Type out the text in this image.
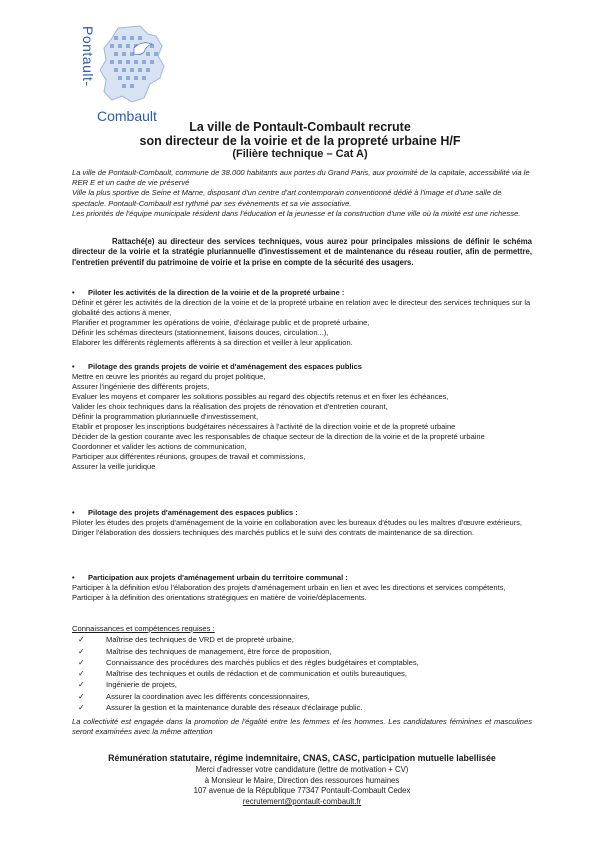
Pontault-
Combault
La ville de Pontault-Combault recrute
son directeur de la voirie et de la propreté urbaine H/F
(Filière technique – Cat A)

La ville de Pontault-Combault, commune de 38.000 habitants aux portes du Grand Paris, aux proximité de la capitale, accessibilité via le RER E et un cadre de vie préservé

Ville la plus sportive de Seine et Marne, disposant d'un centre d'art contemporain conventionné dédié à l'image et d'une salle de spectacle. Pontault-Combault est rythmé par ses évènements et sa vie associative.

Les priorités de l'équipe municipale résident dans l'éducation et la jeunesse et la construction d'une ville où la mixité est une richesse.

Rattaché(e) au directeur des services techniques, vous aurez pour principales missions de définir le schéma directeur de la voirie et la stratégie pluriannuelle d'investissement et de maintenance du réseau routier, afin de permettre, l'entretien préventif du patrimoine de voirie et la prise en compte de la sécurité des usagers.
• Piloter les activités de la direction de la voirie et de la propreté urbaine :

Définir et gérer les activités de la direction de la voirie et de la propreté urbaine en relation avec le directeur des services techniques sur la globalité des actions à mener,

Planifier et programmer les opérations de voirie, d'éclairage public et de propreté urbaine,

Définir les schémas directeurs (stationnement, liaisons douces, circulation...),

Elaborer les différents règlements afférents à sa direction et veiller à leur application.

• Pilotage des grands projets de voirie et d'aménagement des espaces publics

Mettre en œuvre les priorités au regard du projet politique,

Assurer l'ingénierie des différents projets,

Evaluer les moyens et comparer les solutions possibles au regard des objectifs retenus et en fixer les échéances,

Valider les choix techniques dans la réalisation des projets de rénovation et d'entretien courant,

Définir la programmation pluriannuelle d'investissement,

Etablir et proposer les inscriptions budgétaires nécessaires à l'activité de la direction voirie et de la propreté urbaine

Décider de la gestion courante avec les responsables de chaque secteur de la direction de la voirie et de la propreté urbaine

Coordonner et valider les actions de communication,

Participer aux différentes réunions, groupes de travail et commissions,

Assurer la veille juridique

• Pilotage des projets d'aménagement des espaces publics :

Piloter les études des projets d'aménagement de la voirie en collaboration avec les bureaux d'études ou les maîtres d'œuvre extérieurs,

Diriger l'élaboration des dossiers techniques des marchés publics et le suivi des contrats de maintenance de sa direction.

• Participation aux projets d'aménagement urbain du territoire communal :

Participer à la définition et/ou l'élaboration des projets d'aménagement urbain en lien et avec les directions et services compétents,

Participer à la définition des orientations stratégiques en matière de voirie/déplacements.

Connaissances et compétences requises :
✓	Maîtrise des techniques de VRD et de propreté urbaine,
✓	Maîtrise des techniques de management, être force de proposition,
✓	Connaissance des procédures des marchés publics et des règles budgétaires et comptables,
✓	Maîtrise des techniques et outils de rédaction et de communication et outils bureautiques,
✓	Ingénierie de projets,
✓	Assurer la coordination avec les différents concessionnaires,
✓	Assurer la gestion et la maintenance durable des réseaux d'éclairage public.
La collectivité est engagée dans la promotion de l'égalité entre les femmes et les hommes. Les candidatures féminines et masculines seront examinées avec la même attention
Rémunération statutaire, régime indemnitaire, CNAS, CASC, participation mutuelle labellisée
Merci d'adresser votre candidature (lettre de motivation + CV)
à Monsieur le Maire, Direction des ressources humaines
107 avenue de la République 77347 Pontault-Combault Cedex
recrutement@pontault-combault.fr
